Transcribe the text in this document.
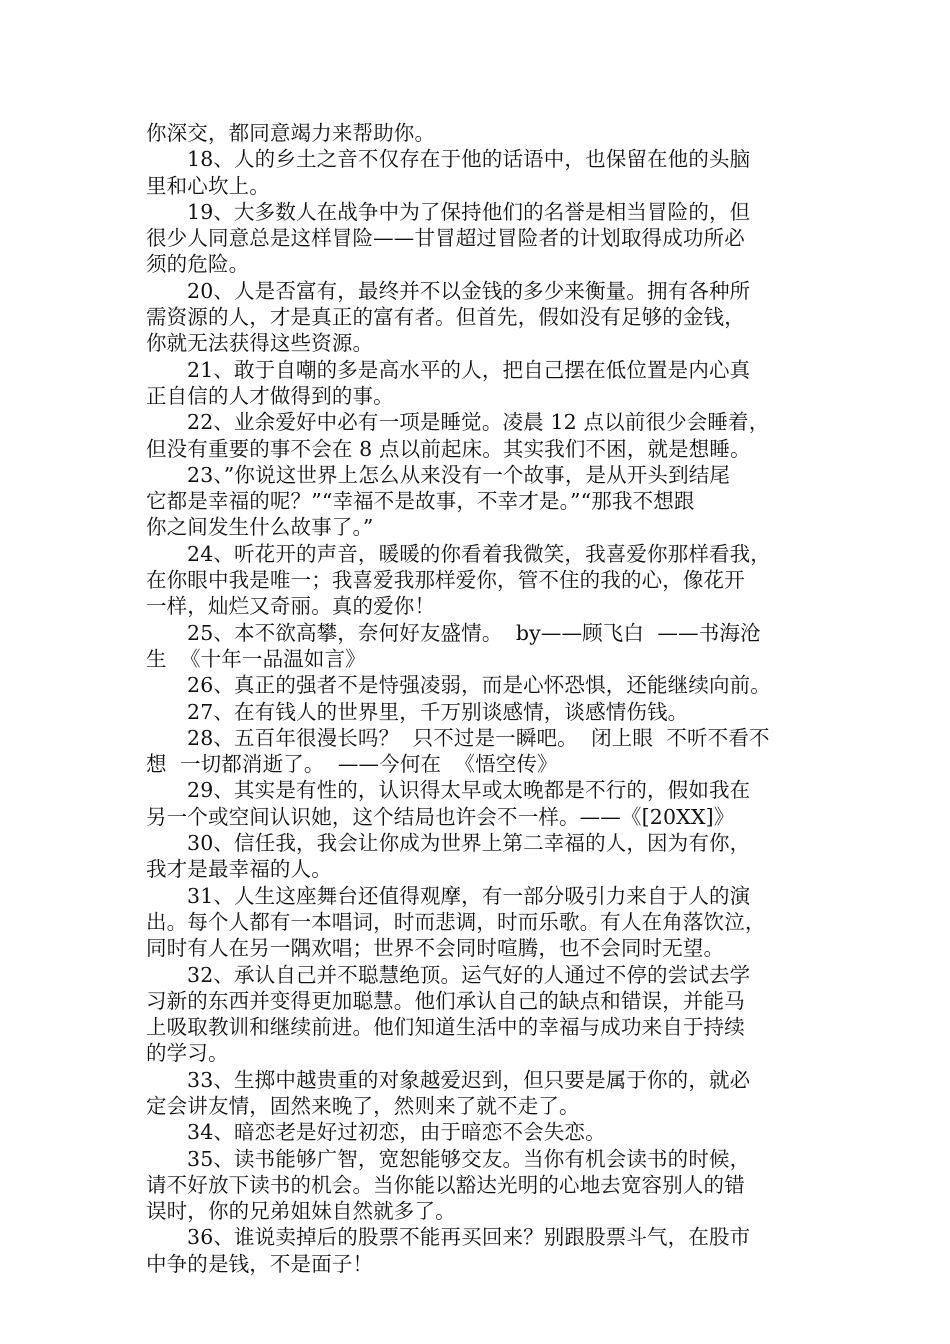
你深交，都同意竭力来帮助你。
18、人的乡土之音不仅存在于他的话语中，也保留在他的头脑
里和心坎上。
19、大多数人在战争中为了保持他们的名誉是相当冒险的，但
很少人同意总是这样冒险——甘冒超过冒险者的计划取得成功所必
须的危险。
20、人是否富有，最终并不以金钱的多少来衡量。拥有各种所
需资源的人，才是真正的富有者。但首先，假如没有足够的金钱，
你就无法获得这些资源。
21、敢于自嘲的多是高水平的人，把自己摆在低位置是内心真
正自信的人才做得到的事。
22、业余爱好中必有一项是睡觉。凌晨 12 点以前很少会睡着，
但没有重要的事不会在 8 点以前起床。其实我们不困，就是想睡。
23、”你说这世界上怎么从来没有一个故事，是从开头到结尾
它都是幸福的呢？”“幸福不是故事，不幸才是。”“那我不想跟
你之间发生什么故事了。”
24、听花开的声音，暖暖的你看着我微笑，我喜爱你那样看我，
在你眼中我是唯一；我喜爱我那样爱你，管不住的我的心，像花开
一样，灿烂又奇丽。真的爱你！
25、本不欲高攀，奈何好友盛情。  by——顾飞白  ——书海沧
生  《十年一品温如言》
26、真正的强者不是恃强凌弱，而是心怀恐惧，还能继续向前。
27、在有钱人的世界里，千万别谈感情，谈感情伤钱。
28、五百年很漫长吗？  只不过是一瞬吧。  闭上眼  不听不看不
想  一切都消逝了。  ——今何在  《悟空传》
29、其实是有性的，认识得太早或太晚都是不行的，假如我在
另一个或空间认识她，这个结局也许会不一样。——《[20XX]》
30、信任我，我会让你成为世界上第二幸福的人，因为有你，
我才是最幸福的人。
31、人生这座舞台还值得观摩，有一部分吸引力来自于人的演
出。每个人都有一本唱词，时而悲调，时而乐歌。有人在角落饮泣，
同时有人在另一隅欢唱；世界不会同时喧腾，也不会同时无望。
32、承认自己并不聪慧绝顶。运气好的人通过不停的尝试去学
习新的东西并变得更加聪慧。他们承认自己的缺点和错误，并能马
上吸取教训和继续前进。他们知道生活中的幸福与成功来自于持续
的学习。
33、生掷中越贵重的对象越爱迟到，但只要是属于你的，就必
定会讲友情，固然来晚了，然则来了就不走了。
34、暗恋老是好过初恋，由于暗恋不会失恋。
35、读书能够广智，宽恕能够交友。当你有机会读书的时候，
请不好放下读书的机会。当你能以豁达光明的心地去宽容别人的错
误时，你的兄弟姐妹自然就多了。
36、谁说卖掉后的股票不能再买回来？别跟股票斗气，在股市
中争的是钱，不是面子！
